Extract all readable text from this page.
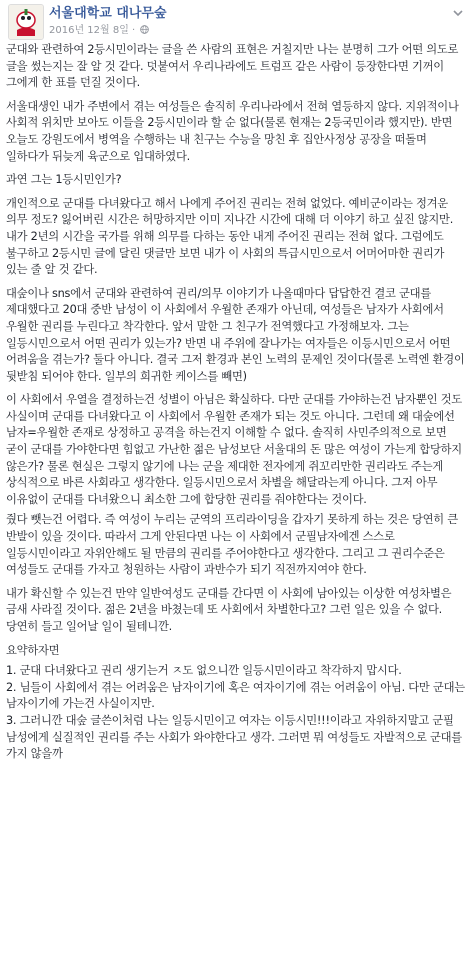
서울대학교 대나무숲
2016년 12월 8일 ·

군대와 관련하여 2등시민이라는 글을 쓴 사람의 표현은 거칠지만 나는 분명히 그가 어떤 의도로 글을 썼는지는 잘 알 것 같다. 덧붙여서 우리나라에도 트럼프 같은 사람이 등장한다면 기꺼이 그에게 한 표를 던질 것이다.

서울대생인 내가 주변에서 겪는 여성들은 솔직히 우리나라에서 전혀 열등하지 않다. 지위적이나 사회적 위치만 보아도 이들을 2등시민이라 할 순 없다(물론 현재는 2등국민이라 했지만). 반면 오늘도 강원도에서 병역을 수행하는 내 친구는 수능을 망친 후 집안사정상 공장을 떠돌며 일하다가 뒤늦게 육군으로 입대하였다.

과연 그는 1등시민인가?

개인적으로 군대를 다녀왔다고 해서 나에게 주어진 권리는 전혀 없었다. 예비군이라는 정겨운 의무 정도? 잃어버린 시간은 허망하지만 이미 지나간 시간에 대해 더 이야기 하고 싶진 않지만. 내가 2년의 시간을 국가를 위해 의무를 다하는 동안 내게 주어진 권리는 전혀 없다. 그럼에도 불구하고 2등시민 글에 달린 댓글만 보면 내가 이 사회의 특급시민으로서 어머어마한 권리가 있는 줄 알 것 같다.

대숲이나 sns에서 군대와 관련하여 권리/의무 이야기가 나올때마다 답답한건 결코 군대를 제대했다고 20대 중반 남성이 이 사회에서 우월한 존재가 아닌데, 여성들은 남자가 사회에서 우월한 권리를 누린다고 착각한다. 앞서 말한 그 친구가 전역했다고 가정해보자. 그는 일등시민으로서 어떤 권리가 있는가? 반면 내 주위에 잘나가는 여자들은 이등시민으로서 어떤 어려움을 겪는가? 둘다 아니다. 결국 그저 환경과 본인 노력의 문제인 것이다(물론 노력엔 환경이 뒷받침 되어야 한다. 일부의 희귀한 케이스를 빼면)

이 사회에서 우열을 결정하는건 성별이 아님은 확실하다. 다만 군대를 가야하는건 남자뿐인 것도 사실이며 군대를 다녀왔다고 이 사회에서 우월한 존재가 되는 것도 아니다. 그런데 왜 대숲에선 남자=우월한 존재로 상정하고 공격을 하는건지 이해할 수 없다. 솔직히 사민주의적으로 보면 굳이 군대를 가야한다면 힘없고 가난한 젊은 남성보단 서울대의 돈 많은 여성이 가는게 합당하지 않은가? 물론 현실은 그렇지 않기에 나는 군을 제대한 전자에게 쥐꼬리만한 권리라도 주는게 상식적으로 바른 사회라고 생각한다. 일등시민으로서 차별을 해달라는게 아니다. 그저 아무 이유없이 군대를 다녀왔으니 최소한 그에 합당한 권리를 줘야한다는 것이다.

줬다 뺏는건 어렵다. 즉 여성이 누리는 군역의 프리라이딩을 갑자기 못하게 하는 것은 당연히 큰 반발이 있을 것이다. 따라서 그게 안된다면 나는 이 사회에서 군필남자에겐 스스로 일등시민이라고 자위안해도 될 만큼의 권리를 주어야한다고 생각한다. 그리고 그 권리수준은 여성들도 군대를 가자고 청원하는 사람이 과반수가 되기 직전까지여야 한다.

내가 확신할 수 있는건 만약 일반여성도 군대를 간다면 이 사회에 남아있는 이상한 여성차별은 금새 사라질 것이다. 젊은 2년을 바쳤는데 또 사회에서 차별한다고? 그런 일은 있을 수 없다. 당연히 들고 일어날 일이 될테니깐.

요약하자면

1. 군대 다녀왔다고 권리 생기는거 ㅈ도 없으니깐 일등시민이라고 착각하지 맙시다.
2. 님들이 사회에서 겪는 어려움은 남자이기에 혹은 여자이기에 겪는 어려움이 아님. 다만 군대는 남자이기에 가는건 사실이지만.
3. 그러니깐 대숲 글쓴이처럼 나는 일등시민이고 여자는 이등시민!!!이라고 자위하지말고 군필 남성에게 실질적인 권리를 주는 사회가 와야한다고 생각. 그러면 뭐 여성들도 자발적으로 군대를 가지 않을까
